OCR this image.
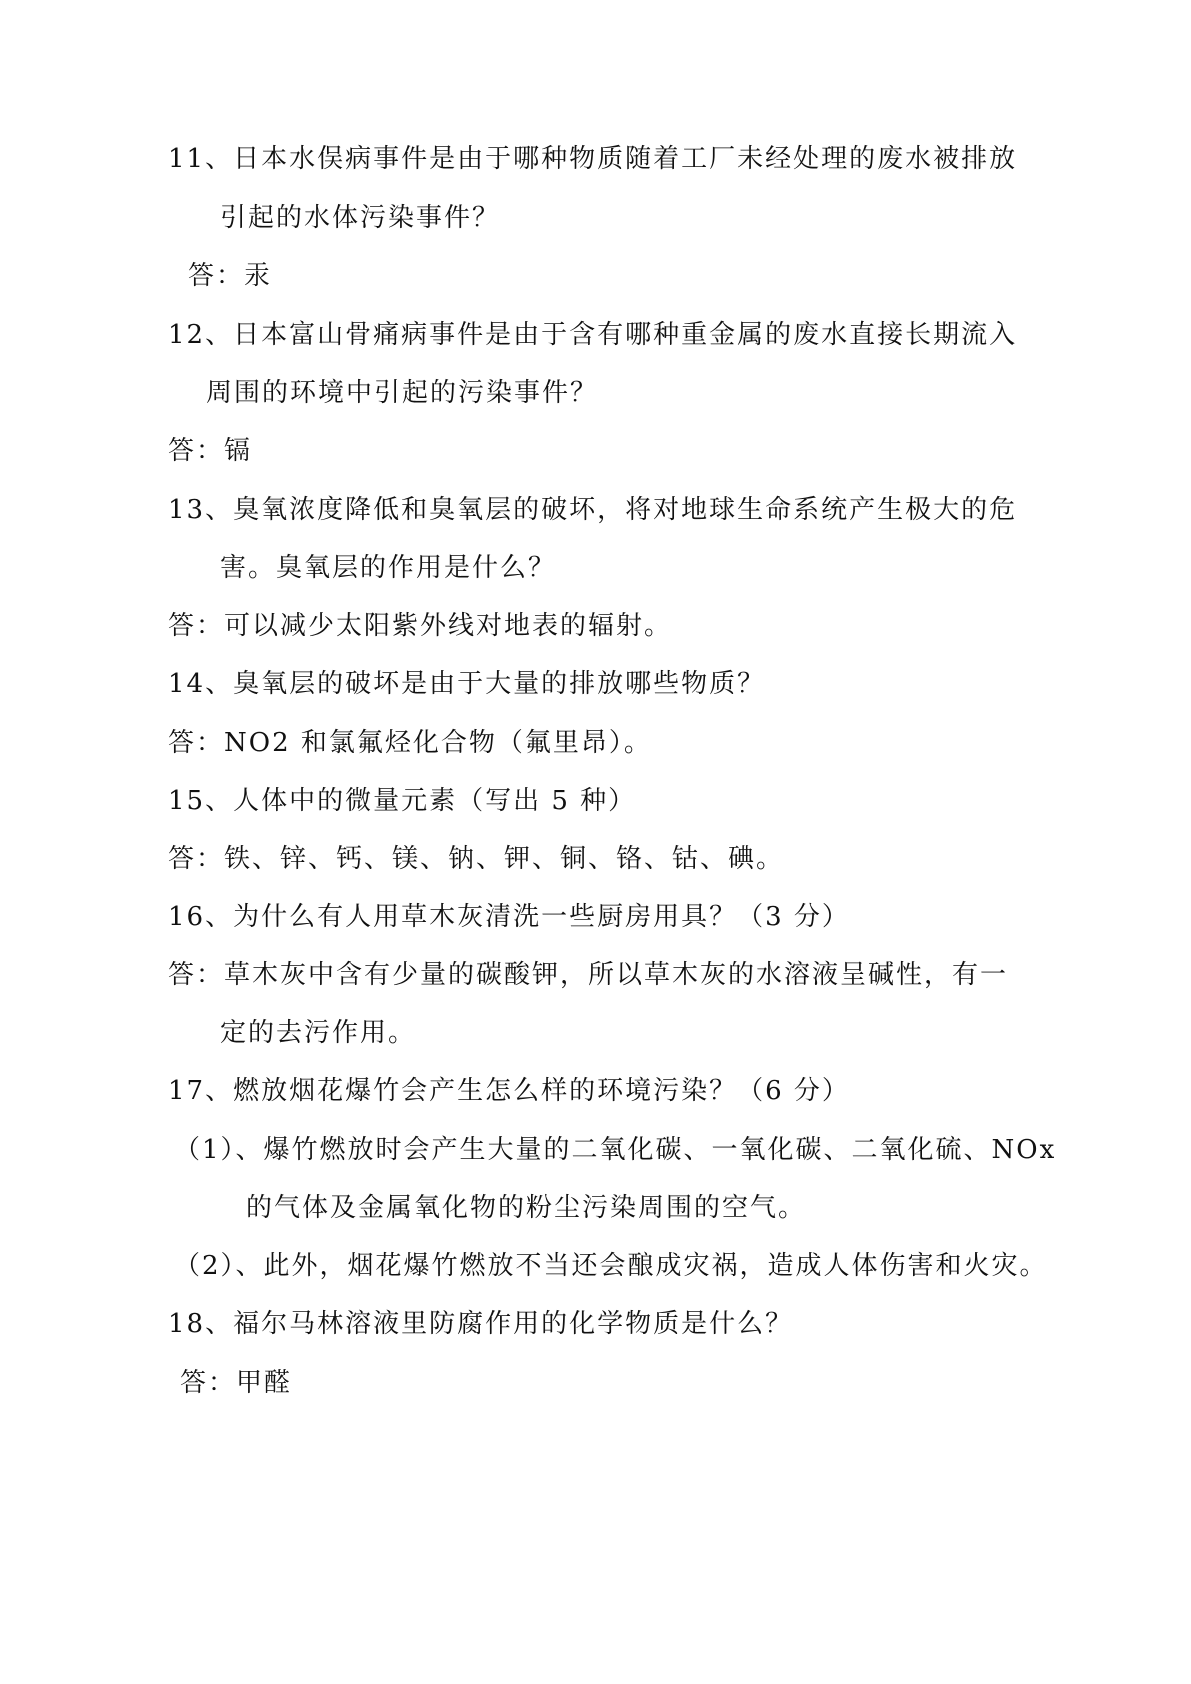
11、日本水俣病事件是由于哪种物质随着工厂未经处理的废水被排放
引起的水体污染事件？
答：汞
12、日本富山骨痛病事件是由于含有哪种重金属的废水直接长期流入
周围的环境中引起的污染事件？
答：镉
13、臭氧浓度降低和臭氧层的破坏，将对地球生命系统产生极大的危
害。臭氧层的作用是什么？
答：可以减少太阳紫外线对地表的辐射。
14、臭氧层的破坏是由于大量的排放哪些物质？
答：NO2 和氯氟烃化合物（氟里昂）。
15、人体中的微量元素（写出 5 种）
答：铁、锌、钙、镁、钠、钾、铜、铬、钴、碘。
16、为什么有人用草木灰清洗一些厨房用具？（3 分）
答：草木灰中含有少量的碳酸钾，所以草木灰的水溶液呈碱性，有一
定的去污作用。
17、燃放烟花爆竹会产生怎么样的环境污染？（6 分）
（1）、爆竹燃放时会产生大量的二氧化碳、一氧化碳、二氧化硫、NOx
的气体及金属氧化物的粉尘污染周围的空气。
（2）、此外，烟花爆竹燃放不当还会酿成灾祸，造成人体伤害和火灾。
18、福尔马林溶液里防腐作用的化学物质是什么？
答：甲醛
